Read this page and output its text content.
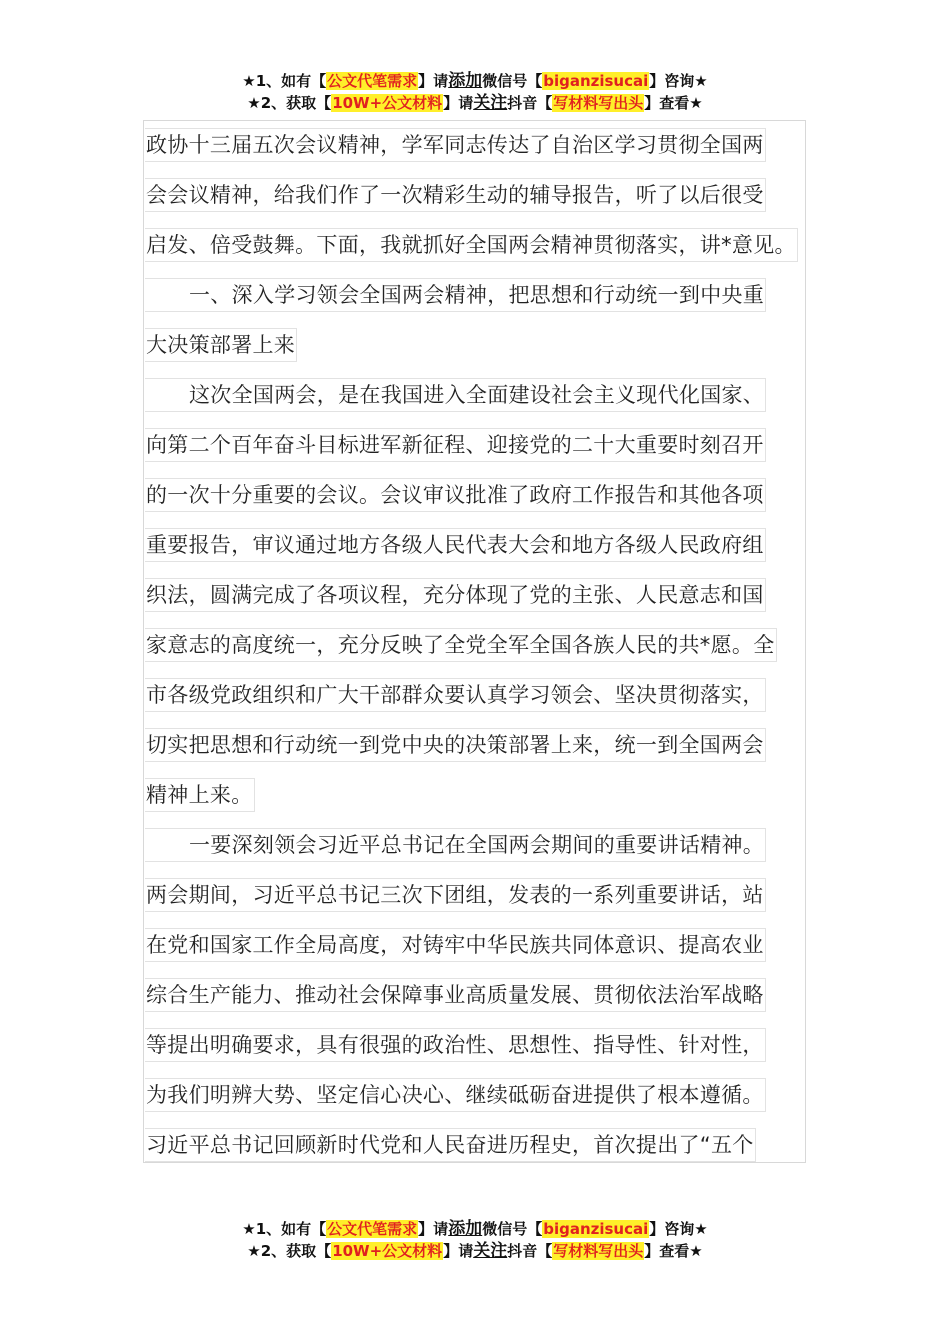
★1、如有【公文代笔需求】请添加微信号【biganzisucai】咨询★
★2、获取【10W+公文材料】请关注抖音【写材料写出头】查看★
政协十三届五次会议精神，学军同志传达了自治区学习贯彻全国两
会会议精神，给我们作了一次精彩生动的辅导报告，听了以后很受
启发、倍受鼓舞。下面，我就抓好全国两会精神贯彻落实，讲*意见。
一、深入学习领会全国两会精神，把思想和行动统一到中央重
大决策部署上来
这次全国两会，是在我国进入全面建设社会主义现代化国家、
向第二个百年奋斗目标进军新征程、迎接党的二十大重要时刻召开
的一次十分重要的会议。会议审议批准了政府工作报告和其他各项
重要报告，审议通过地方各级人民代表大会和地方各级人民政府组
织法，圆满完成了各项议程，充分体现了党的主张、人民意志和国
家意志的高度统一，充分反映了全党全军全国各族人民的共*愿。全
市各级党政组织和广大干部群众要认真学习领会、坚决贯彻落实，
切实把思想和行动统一到党中央的决策部署上来，统一到全国两会
精神上来。
一要深刻领会习近平总书记在全国两会期间的重要讲话精神。
两会期间，习近平总书记三次下团组，发表的一系列重要讲话，站
在党和国家工作全局高度，对铸牢中华民族共同体意识、提高农业
综合生产能力、推动社会保障事业高质量发展、贯彻依法治军战略
等提出明确要求，具有很强的政治性、思想性、指导性、针对性，
为我们明辨大势、坚定信心决心、继续砥砺奋进提供了根本遵循。
习近平总书记回顾新时代党和人民奋进历程史，首次提出了“五个
★1、如有【公文代笔需求】请添加微信号【biganzisucai】咨询★
★2、获取【10W+公文材料】请关注抖音【写材料写出头】查看★
